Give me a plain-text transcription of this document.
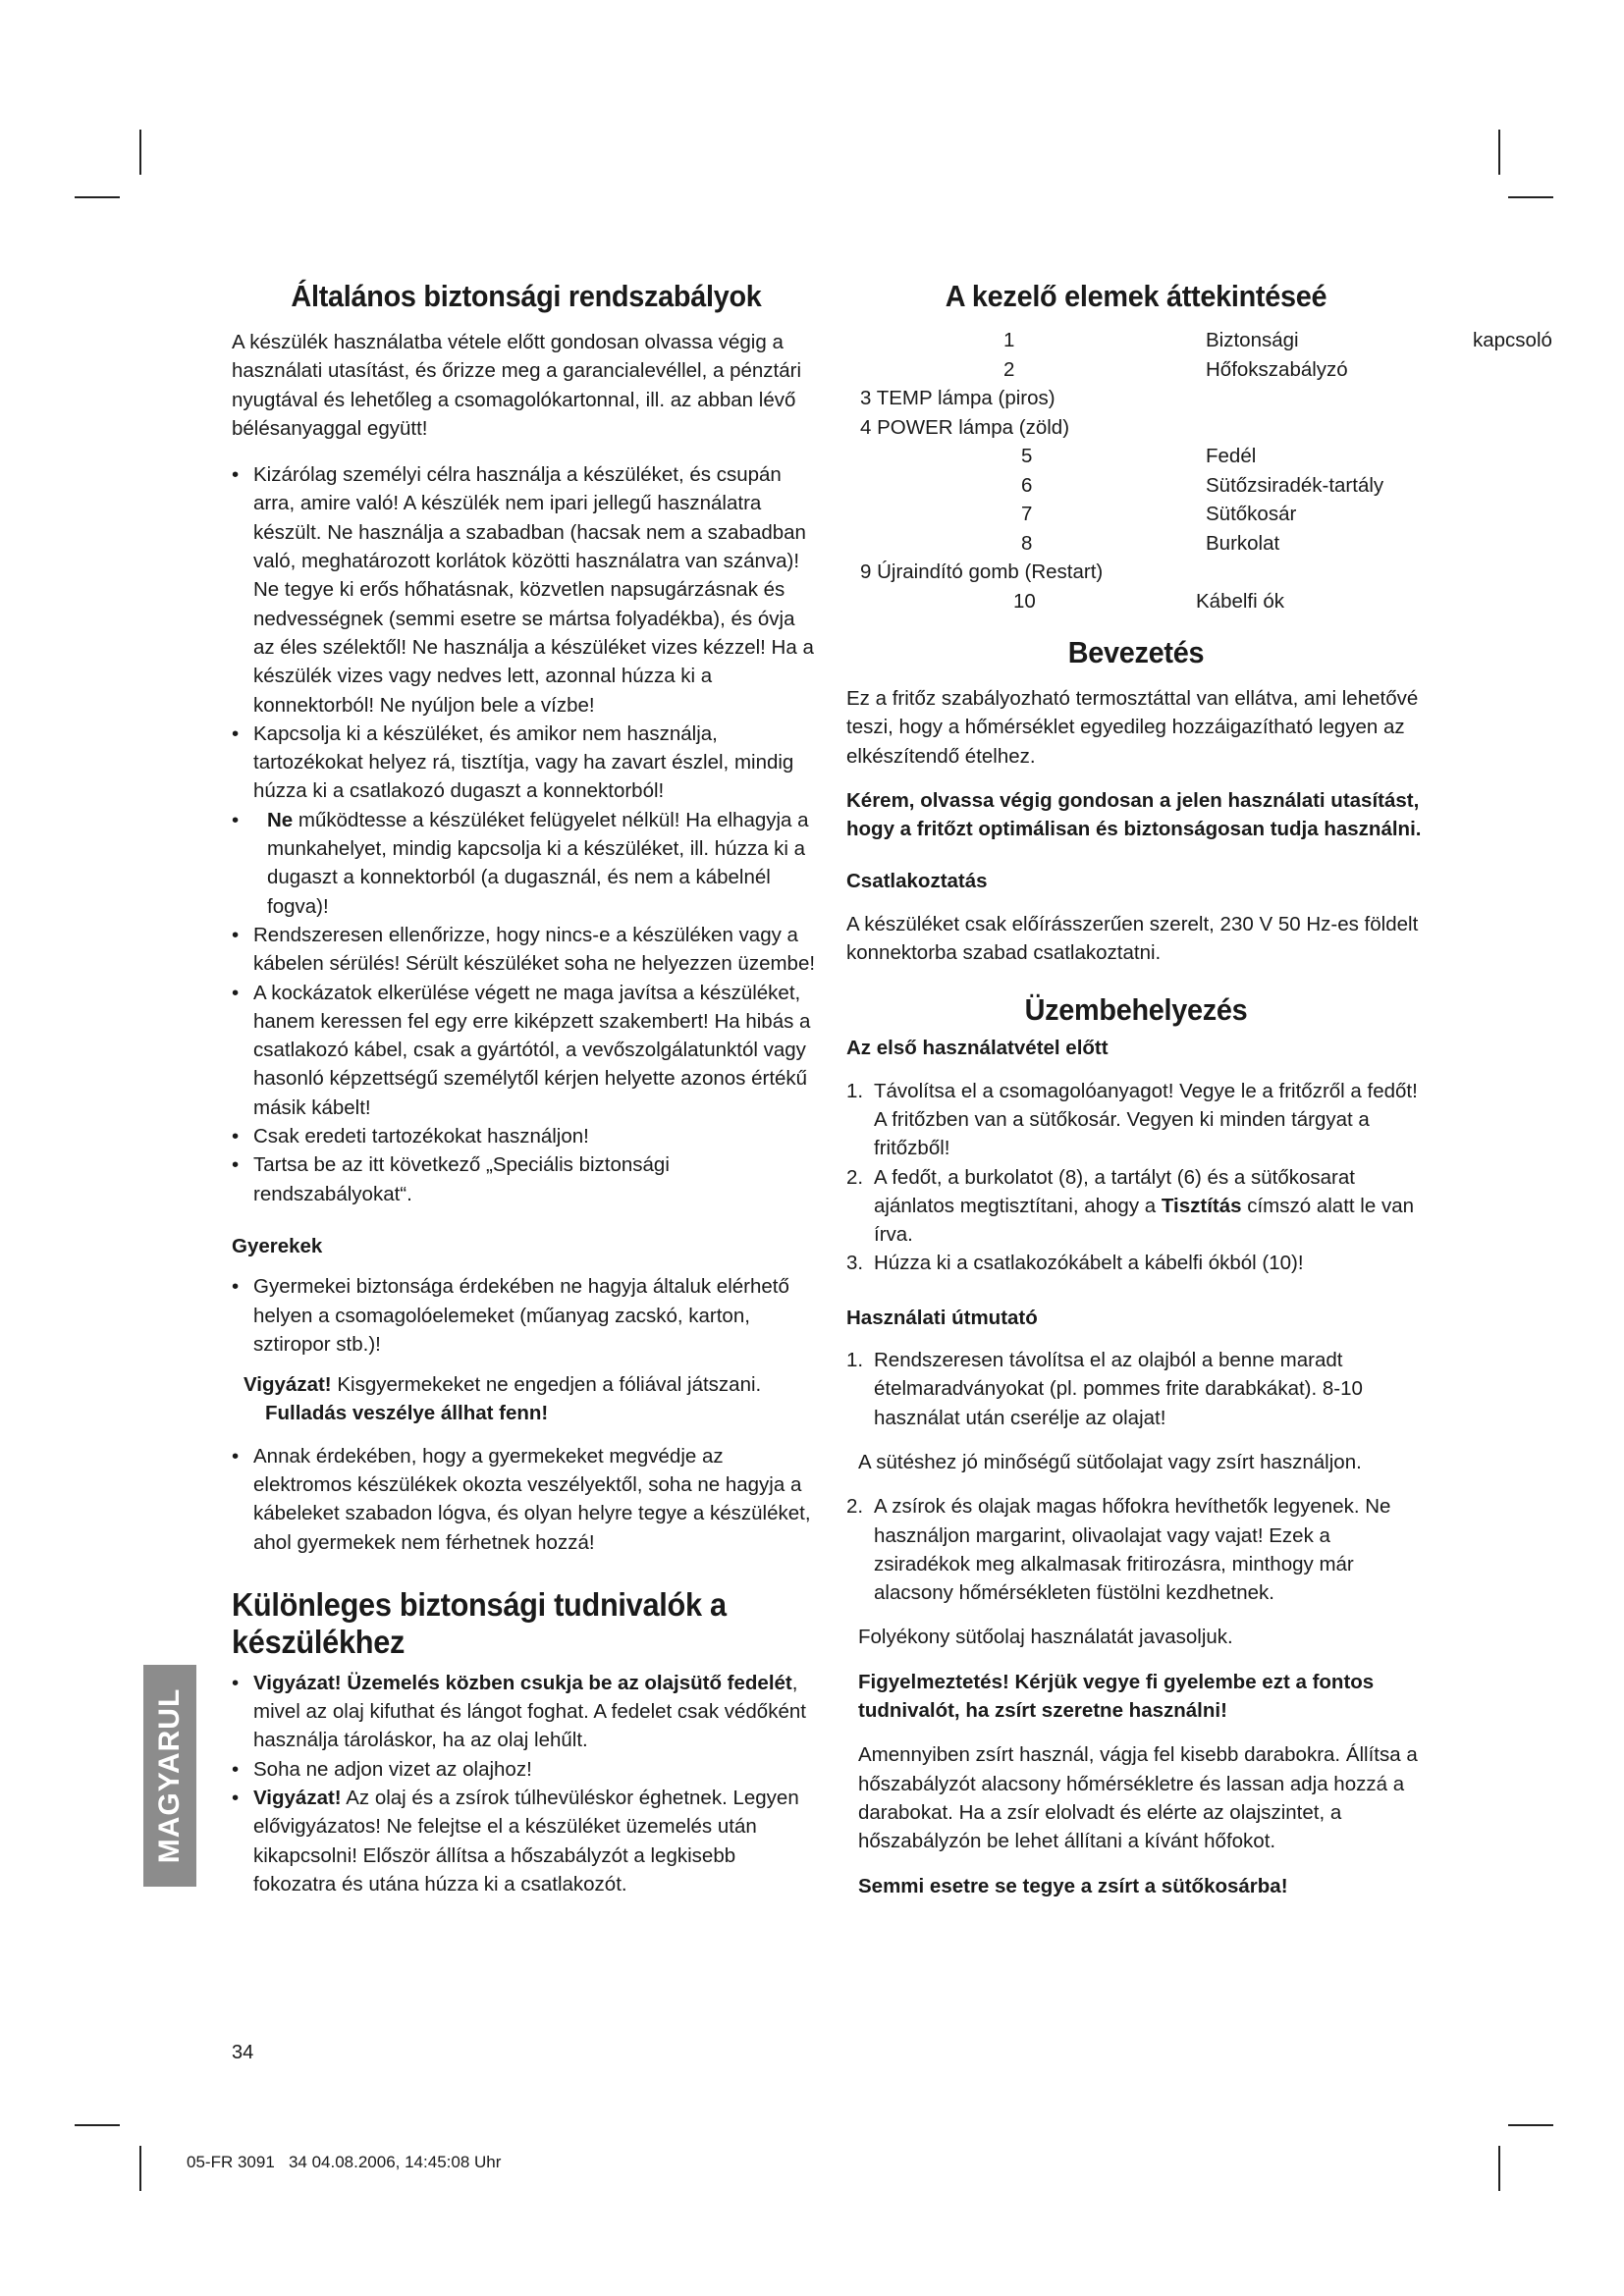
Általános biztonsági rendszabályok

A készülék használatba vétele előtt gondosan olvassa végig a használati utasítást, és őrizze meg a garancialevéllel, a pénztári nyugtával és lehetőleg a csomagolókartonnal, ill. az abban lévő bélésanyaggal együtt!

• Kizárólag személyi célra használja a készüléket, és csupán arra, amire való! A készülék nem ipari jellegű használatra készült. Ne használja a szabadban (hacsak nem a szabadban való, meghatározott korlátok közötti használatra van szánva)! Ne tegye ki erős hőhatásnak, közvetlen napsugárzásnak és nedvességnek (semmi esetre se mártsa folyadékba), és óvja az éles szélektől! Ne használja a készüléket vizes kézzel! Ha a készülék vizes vagy nedves lett, azonnal húzza ki a konnektorból! Ne nyúljon bele a vízbe!
• Kapcsolja ki a készüléket, és amikor nem használja, tartozékokat helyez rá, tisztítja, vagy ha zavart észlel, mindig húzza ki a csatlakozó dugaszt a konnektorból!
• Ne működtesse a készüléket felügyelet nélkül! Ha elhagyja a munkahelyet, mindig kapcsolja ki a készüléket, ill. húzza ki a dugaszt a konnektorból (a dugasznál, és nem a kábelnél fogva)!
• Rendszeresen ellenőrizze, hogy nincs-e a készüléken vagy a kábelen sérülés! Sérült készüléket soha ne helyezzen üzembe!
• A kockázatok elkerülése végett ne maga javítsa a készüléket, hanem keressen fel egy erre kiképzett szakembert! Ha hibás a csatlakozó kábel, csak a gyártótól, a vevőszolgálatunktól vagy hasonló képzettségű személytől kérjen helyette azonos értékű másik kábelt!
• Csak eredeti tartozékokat használjon!
• Tartsa be az itt következő „Speciális biztonsági rendszabályokat“.

Gyerekek

• Gyermekei biztonsága érdekében ne hagyja általuk elérhető helyen a csomagolóelemeket (műanyag zacskó, karton, sztiropor stb.)!

Vigyázat! Kisgyermekeket ne engedjen a fóliával játszani.
Fulladás veszélye állhat fenn!

• Annak érdekében, hogy a gyermekeket megvédje az elektromos készülékek okozta veszélyektől, soha ne hagyja a kábeleket szabadon lógva, és olyan helyre tegye a készüléket, ahol gyermekek nem férhetnek hozzá!
Különleges biztonsági tudnivalók a készülékhez
• Vigyázat! Üzemelés közben csukja be az olajsütő fedelét, mivel az olaj kifuthat és lángot foghat. A fedelet csak védőként használja tároláskor, ha az olaj lehűlt.
• Soha ne adjon vizet az olajhoz!
• Vigyázat! Az olaj és a zsírok túlhevüléskor éghetnek. Legyen elővigyázatos! Ne felejtse el a készüléket üzemelés után kikapcsolni! Először állítsa a hőszabályzót a legkisebb fokozatra és utána húzza ki a csatlakozót.
A kezelő elemek áttekintéseé
1	Biztonsági	kapcsoló
2	Hőfokszabályzó
3 TEMP lámpa (piros)
4 POWER lámpa (zöld)
5	Fedél
6	Sütőzsiradék-tartály
7	Sütőkosár
8	Burkolat
9 Újraindító gomb (Restart)
10	Kábelfi ók
Bevezetés

Ez a fritőz szabályozható termosztáttal van ellátva, ami lehetővé teszi, hogy a hőmérséklet egyedileg hozzáigazítható legyen az elkészítendő ételhez.

Kérem, olvassa végig gondosan a jelen használati utasítást, hogy a fritőzt optimálisan és biztonságosan tudja használni.

Csatlakoztatás

A készüléket csak előírásszerűen szerelt, 230 V 50 Hz-es földelt konnektorba szabad csatlakoztatni.

Üzembehelyezés

Az első használatvétel előtt

1. Távolítsa el a csomagolóanyagot! Vegye le a fritőzről a fedőt! A fritőzben van a sütőkosár. Vegyen ki minden tárgyat a fritőzből!
2. A fedőt, a burkolatot (8), a tartályt (6) és a sütőkosarat ajánlatos megtisztítani, ahogy a Tisztítás címszó alatt le van írva.
3. Húzza ki a csatlakozókábelt a kábelfi ókból (10)!

Használati útmutató

1. Rendszeresen távolítsa el az olajból a benne maradt ételmaradványokat (pl. pommes frite darabkákat). 8-10 használat után cserélje az olajat!

A sütéshez jó minőségű sütőolajat vagy zsírt használjon.

2. A zsírok és olajak magas hőfokra hevíthetők legyenek. Ne használjon margarint, olivaolajat vagy vajat! Ezek a zsiradékok meg alkalmasak fritirozásra, minthogy már alacsony hőmérsékleten füstölni kezdhetnek.

Folyékony sütőolaj használatát javasoljuk.

Figyelmeztetés! Kérjük vegye fi gyelembe ezt a fontos tudnivalót, ha zsírt szeretne használni!

Amennyiben zsírt használ, vágja fel kisebb darabokra. Állítsa a hőszabályzót alacsony hőmérsékletre és lassan adja hozzá a darabokat. Ha a zsír elolvadt és elérte az olajszintet, a hőszabályzón be lehet állítani a kívánt hőfokot.

Semmi esetre se tegye a zsírt a sütőkosárba!

MAGYARUL
34
05-FR 3091   34 04.08.2006, 14:45:08 Uhr
